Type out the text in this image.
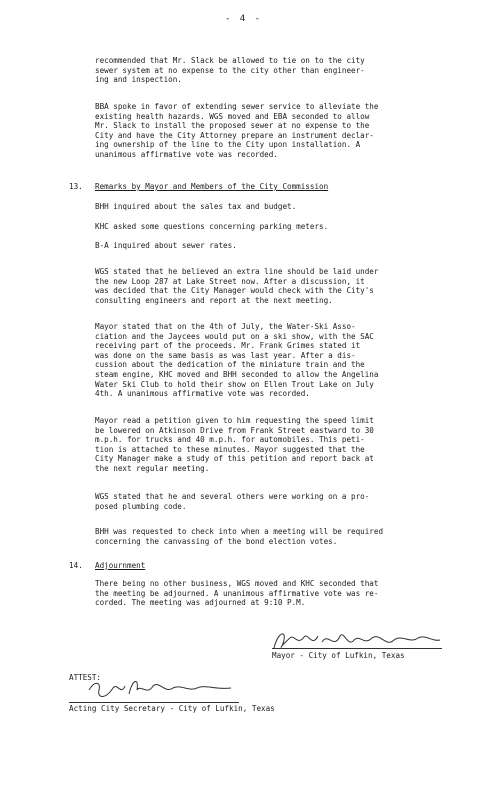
- 4 -
recommended that Mr. Slack be allowed to tie on to the city
sewer system at no expense to the city other than engineer-
ing and inspection.
BBA spoke in favor of extending sewer service to alleviate the
existing health hazards. WGS moved and EBA seconded to allow
Mr. Slack to install the proposed sewer at no expense to the
City and have the City Attorney prepare an instrument declar-
ing ownership of the line to the City upon installation. A
unanimous affirmative vote was recorded.
13. Remarks by Mayor and Members of the City Commission
BHH inquired about the sales tax and budget.
KHC asked some questions concerning parking meters.
B-A inquired about sewer rates.
WGS stated that he believed an extra line should be laid under
the new Loop 287 at Lake Street now. After a discussion, it
was decided that the City Manager would check with the City's
consulting engineers and report at the next meeting.
Mayor stated that on the 4th of July, the Water-Ski Asso-
ciation and the Jaycees would put on a ski show, with the SAC
receiving part of the proceeds. Mr. Frank Grimes stated it
was done on the same basis as was last year. After a dis-
cussion about the dedication of the miniature train and the
steam engine, KHC moved and BHH seconded to allow the Angelina
Water Ski Club to hold their show on Ellen Trout Lake on July
4th. A unanimous affirmative vote was recorded.
Mayor read a petition given to him requesting the speed limit
be lowered on Atkinson Drive from Frank Street eastward to 30
m.p.h. for trucks and 40 m.p.h. for automobiles. This peti-
tion is attached to these minutes. Mayor suggested that the
City Manager make a study of this petition and report back at
the next regular meeting.
WGS stated that he and several others were working on a pro-
posed plumbing code.
BHH was requested to check into when a meeting will be required
concerning the canvassing of the bond election votes.
14. Adjournment
There being no other business, WGS moved and KHC seconded that
the meeting be adjourned. A unanimous affirmative vote was re-
corded. The meeting was adjourned at 9:10 P.M.
Mayor - City of Lufkin, Texas
ATTEST:
Acting City Secretary - City of Lufkin, Texas
